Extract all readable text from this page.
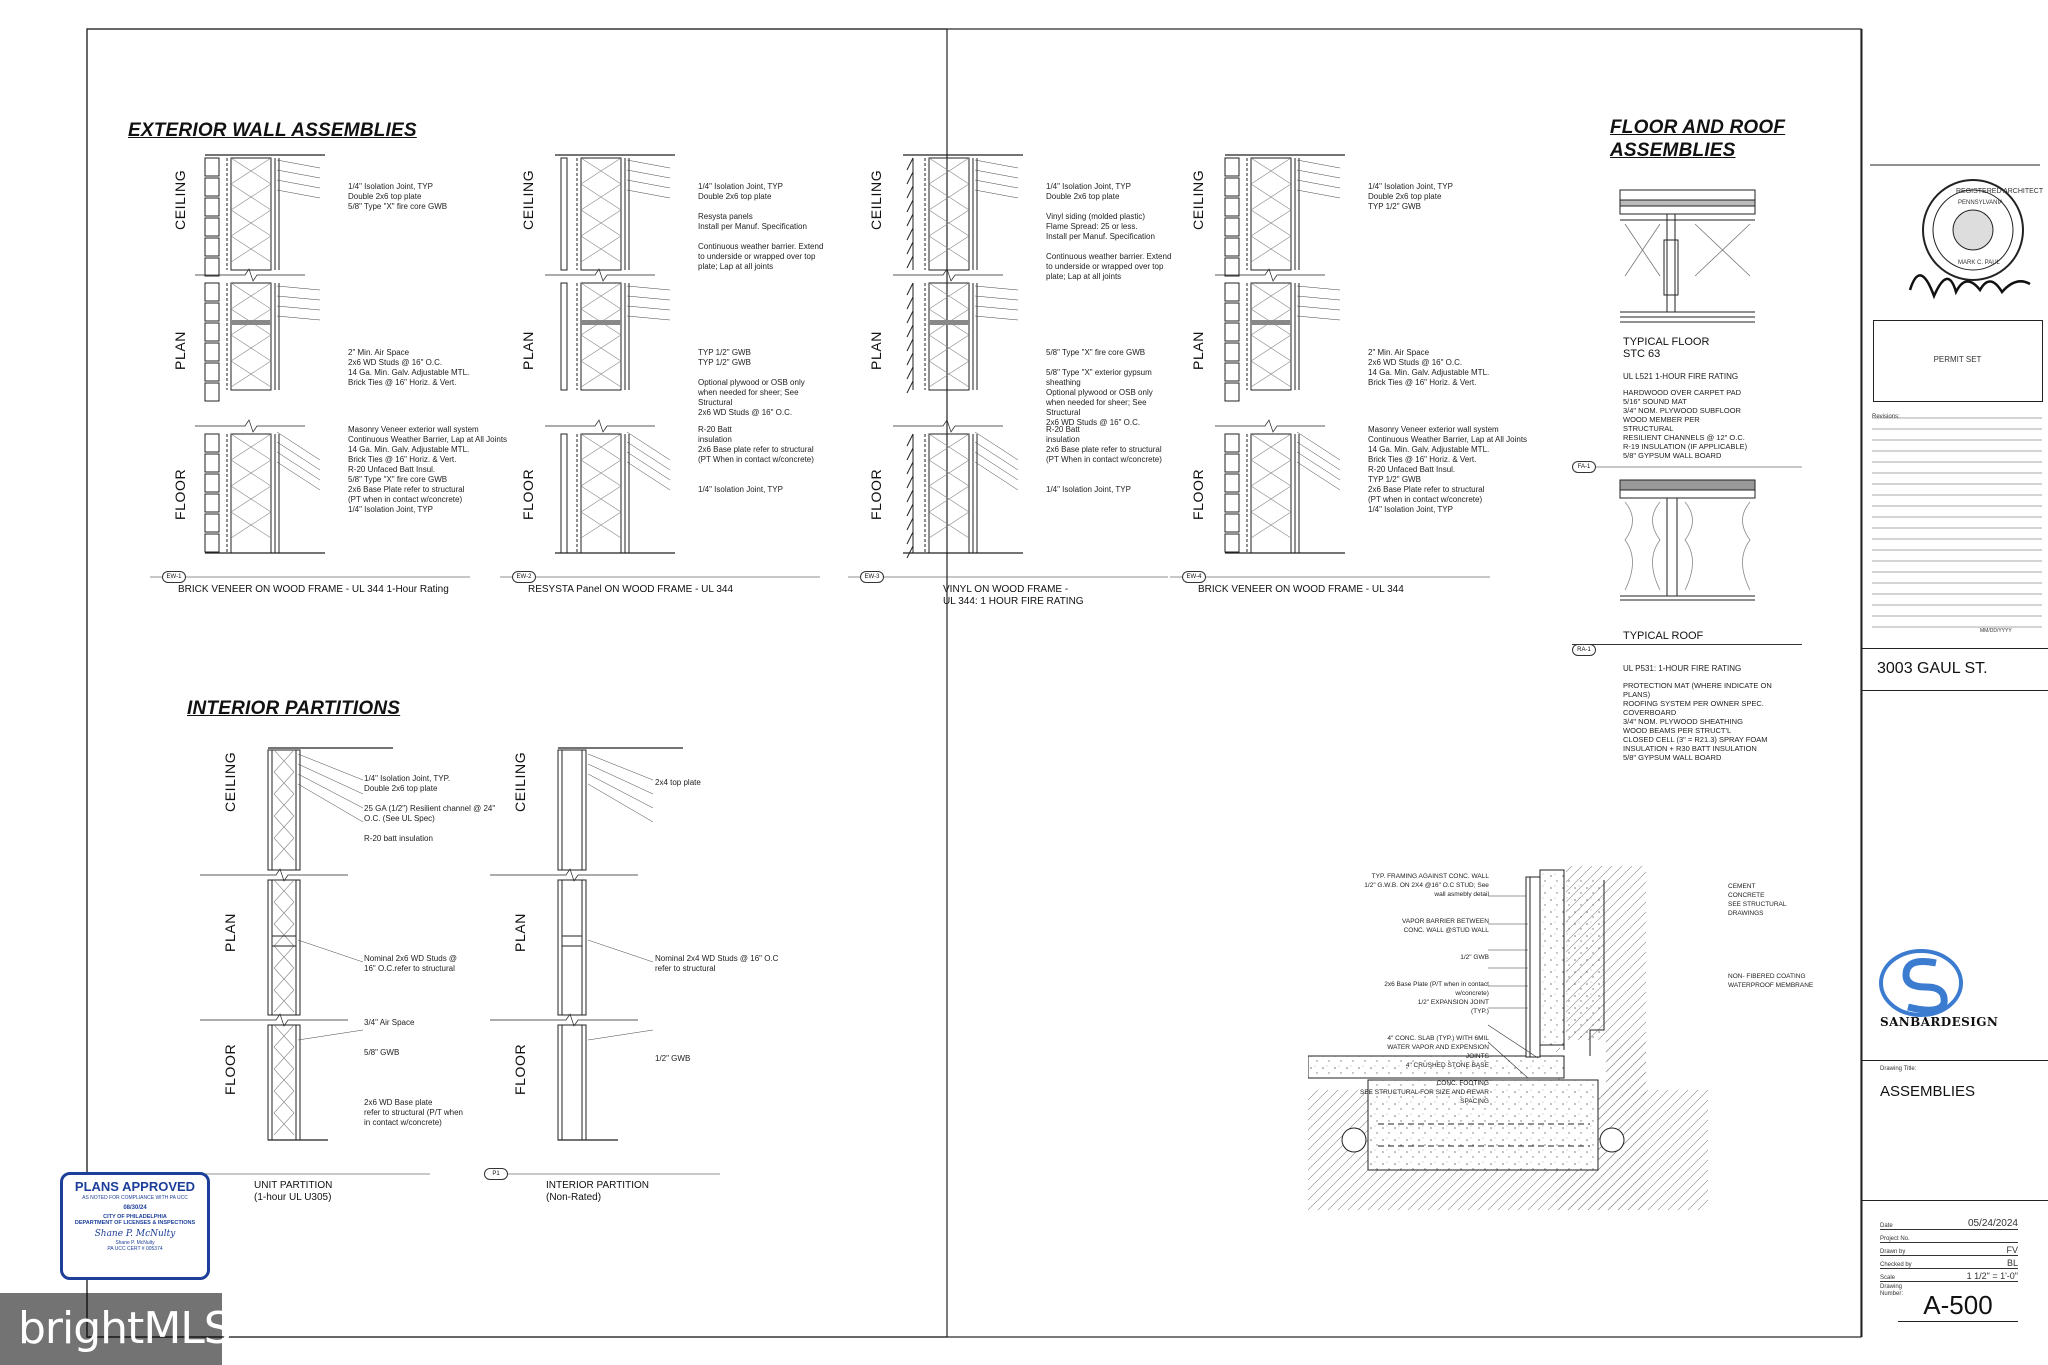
EXTERIOR WALL ASSEMBLIES
INTERIOR PARTITIONS
FLOOR AND ROOF
ASSEMBLIES
CEILING
PLAN
FLOOR
1/4" Isolation Joint, TYP
Double 2x6 top plate
5/8" Type "X" fire core GWB
2" Min. Air Space
2x6 WD Studs @ 16" O.C.
14 Ga. Min. Galv. Adjustable MTL.
Brick Ties @ 16" Horiz. & Vert.
Masonry Veneer exterior wall system
Continuous Weather Barrier, Lap at All Joints
14 Ga. Min. Galv. Adjustable MTL.
Brick Ties @ 16" Horiz. & Vert.
R-20 Unfaced Batt Insul.
5/8" Type "X" fire core GWB
2x6 Base Plate refer to structural
(PT when in contact w/concrete)
1/4" Isolation Joint, TYP
EW-1
BRICK VENEER ON WOOD FRAME - UL 344 1-Hour Rating
CEILING
PLAN
FLOOR
1/4" Isolation Joint, TYP
Double 2x6 top plate
Resysta panels
Install per Manuf. Specification
Continuous weather barrier. Extend
to underside or wrapped over top
plate; Lap at all joints
TYP 1/2" GWB
TYP 1/2" GWB
Optional plywood or OSB only
when needed for sheer; See
Structural
2x6 WD Studs @ 16" O.C.
R-20 Batt
insulation
2x6 Base plate refer to structural
(PT When in contact w/concrete)
1/4" Isolation Joint, TYP
EW-2
RESYSTA Panel ON WOOD FRAME - UL 344
CEILING
PLAN
FLOOR
1/4" Isolation Joint, TYP
Double 2x6 top plate
Vinyl siding (molded plastic)
Flame Spread: 25 or less.
Install per Manuf. Specification
Continuous weather barrier. Extend
to underside or wrapped over top
plate; Lap at all joints
5/8" Type "X" fire core GWB
5/8" Type "X" exterior gypsum
sheathing
Optional plywood or OSB only
when needed for sheer; See
Structural
2x6 WD Studs @ 16" O.C.
R-20 Batt
insulation
2x6 Base plate refer to structural
(PT When in contact w/concrete)
1/4" Isolation Joint, TYP
EW-3
VINYL ON WOOD FRAME -
UL 344: 1 HOUR FIRE RATING
CEILING
PLAN
FLOOR
1/4" Isolation Joint, TYP
Double 2x6 top plate
TYP 1/2" GWB
2" Min. Air Space
2x6 WD Studs @ 16" O.C.
14 Ga. Min. Galv. Adjustable MTL.
Brick Ties @ 16" Horiz. & Vert.
Masonry Veneer exterior wall system
Continuous Weather Barrier, Lap at All Joints
14 Ga. Min. Galv. Adjustable MTL.
Brick Ties @ 16" Horiz. & Vert.
R-20 Unfaced Batt Insul.
TYP 1/2" GWB
2x6 Base Plate refer to structural
(PT when in contact w/concrete)
1/4" Isolation Joint, TYP
EW-4
BRICK VENEER ON WOOD FRAME - UL 344
CEILING
PLAN
FLOOR
1/4" Isolation Joint, TYP.
Double 2x6 top plate
25 GA (1/2") Resilient channel @ 24"
O.C. (See UL Spec)
R-20 batt insulation
Nominal 2x6 WD Studs @
16" O.C.refer to structural
3/4" Air Space
5/8" GWB
2x6 WD Base plate
refer to structural (P/T when
in contact w/concrete)
UNIT PARTITION
(1-hour UL U305)
CEILING
PLAN
FLOOR
2x4 top plate
Nominal 2x4 WD Studs @ 16" O.C
refer to structural
1/2" GWB
P1
INTERIOR PARTITION
(Non-Rated)
FA-1
TYPICAL FLOOR
STC 63
UL L521 1-HOUR FIRE RATING
HARDWOOD OVER CARPET PAD
5/16" SOUND MAT
3/4" NOM. PLYWOOD SUBFLOOR
WOOD MEMBER PER
STRUCTURAL
RESILIENT CHANNELS @ 12" O.C.
R-19 INSULATION (IF APPLICABLE)
5/8" GYPSUM WALL BOARD
RA-1
TYPICAL ROOF
UL P531: 1-HOUR FIRE RATING
PROTECTION MAT (WHERE INDICATE ON
PLANS)
ROOFING SYSTEM PER OWNER SPEC.
COVERBOARD
3/4" NOM. PLYWOOD SHEATHING
WOOD BEAMS PER STRUCT'L
CLOSED CELL (3" = R21.3) SPRAY FOAM
INSULATION + R30 BATT INSULATION
5/8" GYPSUM WALL BOARD
TYP. FRAMING AGAINST CONC. WALL
1/2" G.W.B. ON 2X4 @16" O.C STUD; See
wall asmebly detail
VAPOR BARRIER BETWEEN
CONC. WALL @STUD WALL
1/2" GWB
2x6 Base Plate (P/T when in contact
w/concrete)
1/2" EXPANSION JOINT
(TYP.)
4" CONC. SLAB (TYP.) WITH 6MIL
WATER VAPOR AND EXPENSION
JOINTS
4" CRUSHED STONE BASE
CONC. FOOTING
SEE STRUCTURAL FOR SIZE AND REVAR
SPACING
CEMENT
CONCRETE
SEE STRUCTURAL
DRAWINGS
NON- FIBERED COATING
WATERPROOF MEMBRANE
REGISTERED ARCHITECT
PENNSYLVANIA
MARK C. PAUL
PERMIT SET
Revisions:
MM/DD/YYYY
3003 GAUL ST.
SANBARDESIGN
Drawing Title:
ASSEMBLIES
Date	05/24/2024
Project No.
Drawn by	FV
Checked by	BL
Scale	1 1/2" = 1'-0"
Drawing Number: A-500
PLANS APPROVED
AS NOTED FOR COMPLIANCE WITH PA UCC
08/30/24
CITY OF PHILADELPHIA
DEPARTMENT OF LICENSES & INSPECTIONS
Shane P. McNulty
Shane P. McNulty
PA UCC CERT # 005374
brightMLS
